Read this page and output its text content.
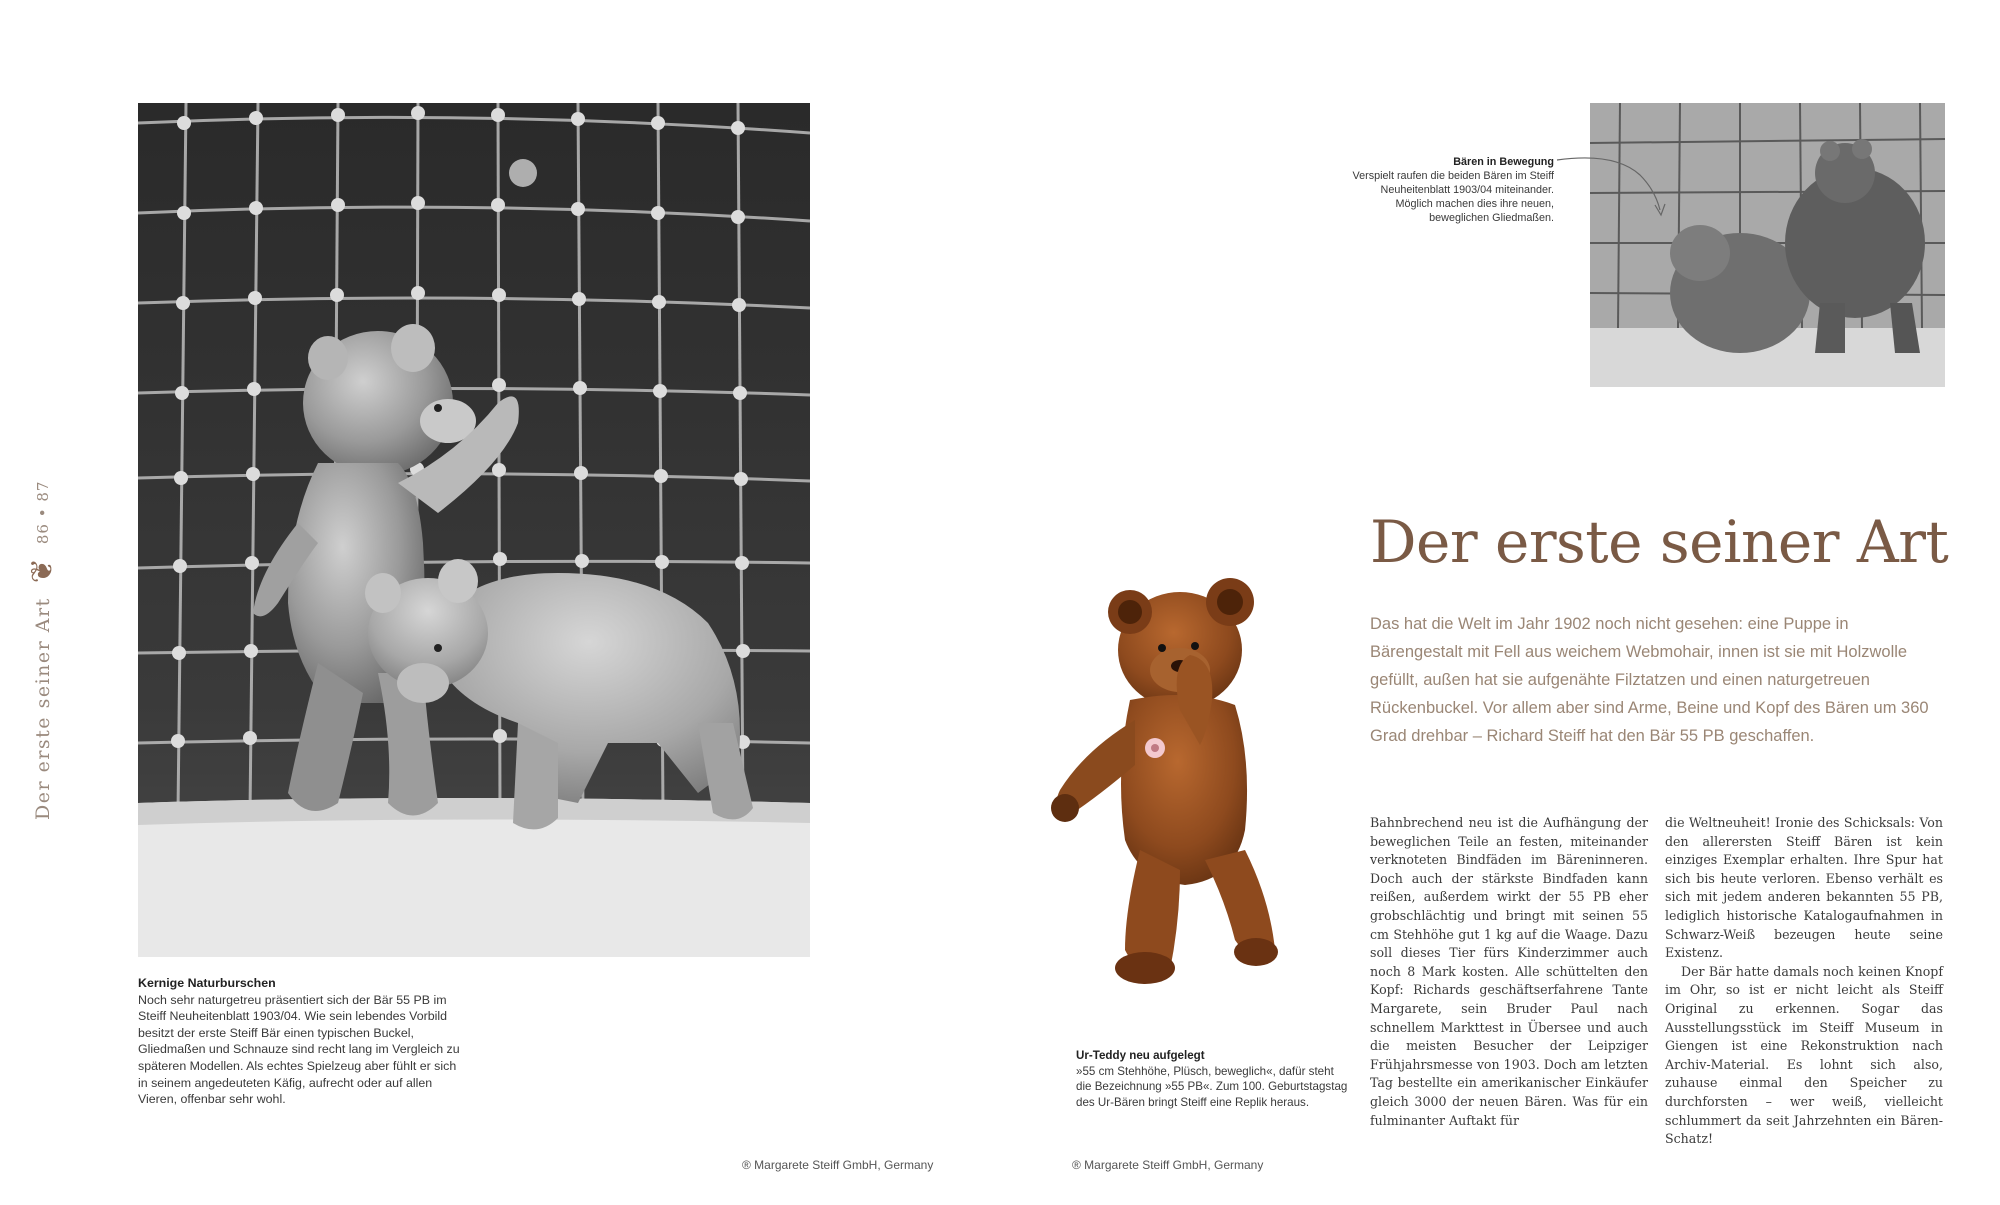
Der erste seiner Art
❦
86 • 87
Kernige Naturburschen
Noch sehr naturgetreu präsentiert sich der Bär 55 PB im Steiff Neuheitenblatt 1903/04. Wie sein lebendes Vorbild besitzt der erste Steiff Bär einen typischen Buckel, Gliedmaßen und Schnauze sind recht lang im Vergleich zu späteren Modellen. Als echtes Spielzeug aber fühlt er sich in seinem angedeuteten Käfig, aufrecht oder auf allen Vieren, offenbar sehr wohl.
Bären in Bewegung
Verspielt raufen die beiden Bären im Steiff Neuheitenblatt 1903/04 miteinander. Möglich machen dies ihre neuen, beweglichen Gliedmaßen.
Ur-Teddy neu aufgelegt
»55 cm Stehhöhe, Plüsch, beweglich«, dafür steht die Bezeichnung »55 PB«. Zum 100. Geburtstagstag des Ur-Bären bringt Steiff eine Replik heraus.
Der erste seiner Art
Das hat die Welt im Jahr 1902 noch nicht gesehen: eine Puppe in Bärengestalt mit Fell aus weichem Webmohair, innen ist sie mit Holzwolle gefüllt, außen hat sie aufgenähte Filztatzen und einen naturgetreuen Rückenbuckel. Vor allem aber sind Arme, Beine und Kopf des Bären um 360 Grad drehbar – Richard Steiff hat den Bär 55 PB geschaffen.

Bahnbrechend neu ist die Aufhängung der beweglichen Teile an festen, miteinander verknoteten Bindfäden im Bäreninneren. Doch auch der stärkste Bindfaden kann reißen, außerdem wirkt der 55 PB eher grobschlächtig und bringt mit seinen 55 cm Stehhöhe gut 1 kg auf die Waage. Dazu soll dieses Tier fürs Kinderzimmer auch noch 8 Mark kosten. Alle schüttelten den Kopf: Richards geschäftserfahrene Tante Margarete, sein Bruder Paul nach schnellem Markttest in Übersee und auch die meisten Besucher der Leipziger Frühjahrsmesse von 1903. Doch am letzten Tag bestellte ein amerikanischer Einkäufer gleich 3000 der neuen Bären. Was für ein fulminanter Auftakt für

die Weltneuheit! Ironie des Schicksals: Von den allerersten Steiff Bären ist kein einziges Exemplar erhalten. Ihre Spur hat sich bis heute verloren. Ebenso verhält es sich mit jedem anderen bekannten 55 PB, lediglich historische Katalogaufnahmen in Schwarz-Weiß bezeugen heute seine Existenz.

Der Bär hatte damals noch keinen Knopf im Ohr, so ist er nicht leicht als Steiff Original zu erkennen. Sogar das Ausstellungsstück im Steiff Museum in Giengen ist eine Rekonstruktion nach Archiv-Material. Es lohnt sich also, zuhause einmal den Speicher zu durchforsten – wer weiß, vielleicht schlummert da seit Jahrzehnten ein Bären-Schatz!

® Margarete Steiff GmbH, Germany	® Margarete Steiff GmbH, Germany
